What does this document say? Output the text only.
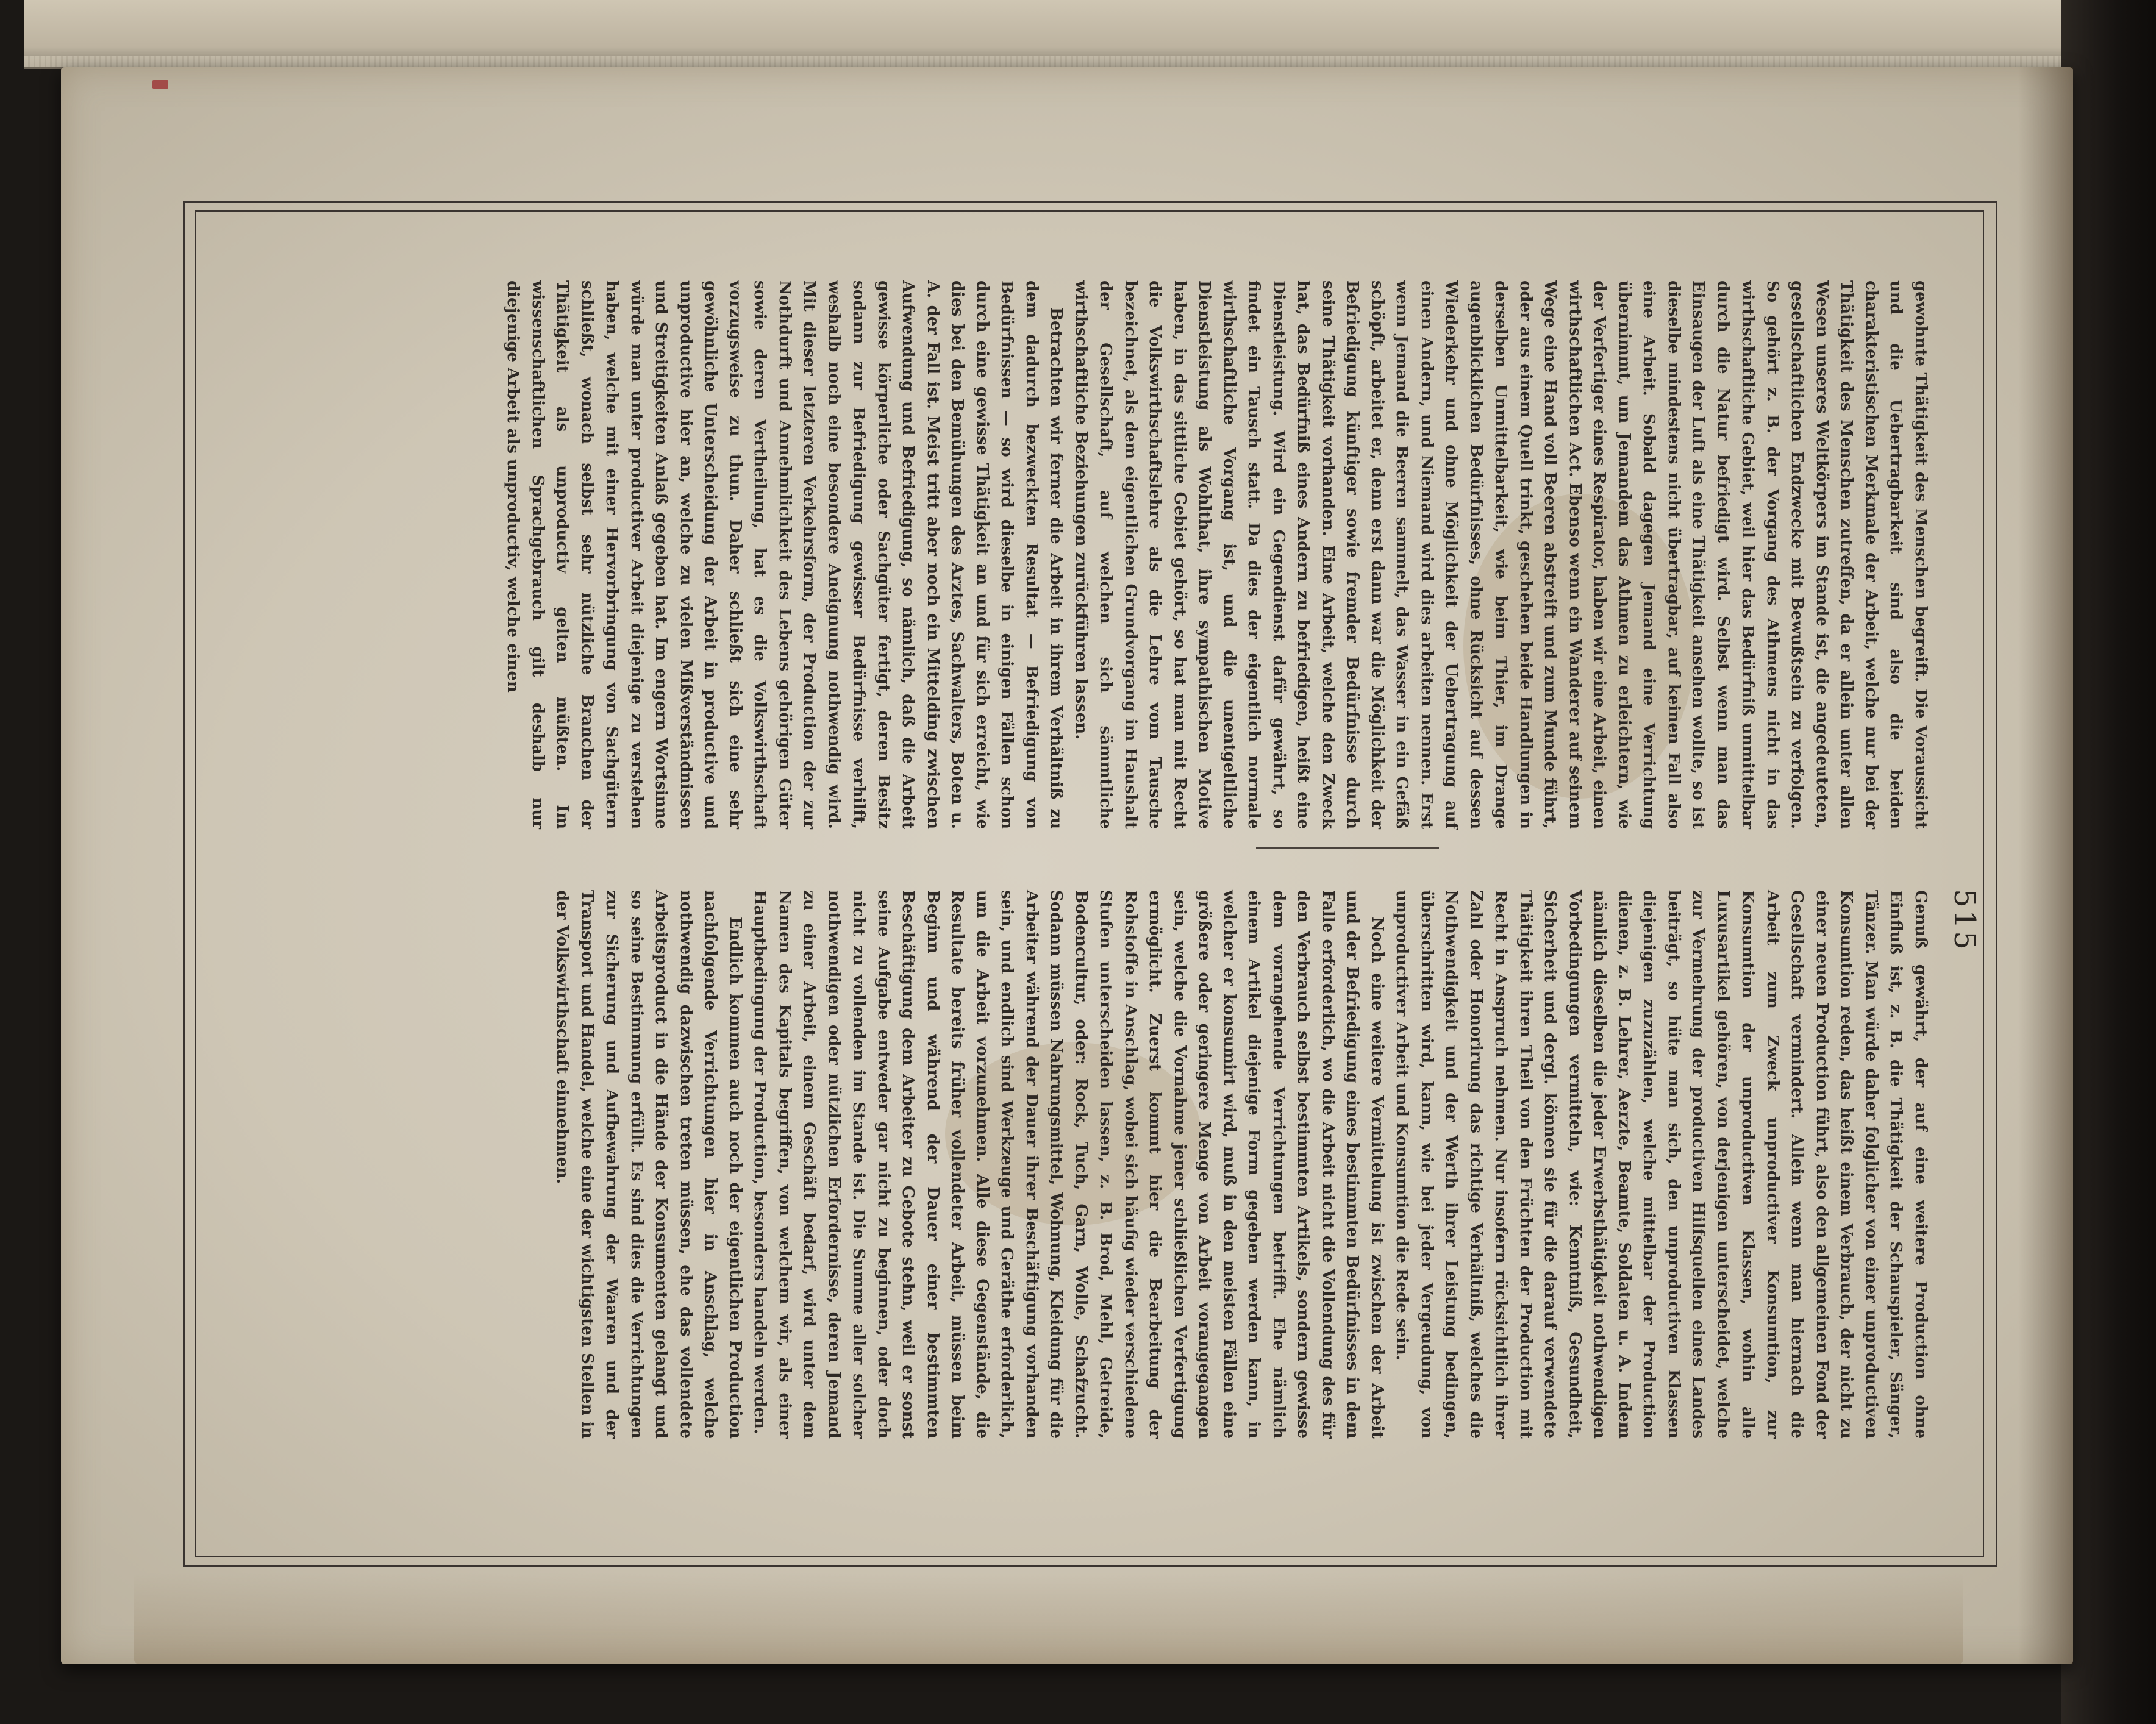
515

gewohnte Thätigkeit des Menschen begreift. Die Voraussicht und die Uebertragbarkeit sind also die beiden charakteristischen Merkmale der Arbeit, welche nur bei der Thätigkeit des Menschen zutreffen, da er allein unter allen Wesen unseres Weltkörpers im Stande ist, die angedeuteten, gesellschaftlichen Endzwecke mit Bewußtsein zu verfolgen. So gehört z. B. der Vorgang des Athmens nicht in das wirthschaftliche Gebiet, weil hier das Bedürfniß unmittelbar durch die Natur befriedigt wird. Selbst wenn man das Einsaugen der Luft als eine Thätigkeit ansehen wollte, so ist dieselbe mindestens nicht übertragbar, auf keinen Fall also eine Arbeit. Sobald dagegen Jemand eine Verrichtung übernimmt, um Jemandem das Athmen zu erleichtern, wie der Verfertiger eines Respirator, haben wir eine Arbeit, einen wirthschaftlichen Act. Ebenso wenn ein Wanderer auf seinem Wege eine Hand voll Beeren abstreift und zum Munde führt, oder aus einem Quell trinkt, geschehen beide Handlungen in derselben Unmittelbarkeit, wie beim Thier, im Drange augenblicklichen Bedürfnisses, ohne Rücksicht auf dessen Wiederkehr und ohne Möglichkeit der Uebertragung auf einen Andern, und Niemand wird dies arbeiten nennen. Erst wenn Jemand die Beeren sammelt, das Wasser in ein Gefäß schöpft, arbeitet er, denn erst dann war die Möglichkeit der Befriedigung künftiger sowie fremder Bedürfnisse durch seine Thätigkeit vorhanden. Eine Arbeit, welche den Zweck hat, das Bedürfniß eines Andern zu befriedigen, heißt eine Dienstleistung. Wird ein Gegendienst dafür gewährt, so findet ein Tausch statt. Da dies der eigentlich normale wirthschaftliche Vorgang ist, und die unentgeltliche Dienstleistung als Wohlthat, ihre sympathischen Motive haben, in das sittliche Gebiet gehört, so hat man mit Recht die Volkswirthschaftslehre als die Lehre vom Tausche bezeichnet, als dem eigentlichen Grundvorgang im Haushalt der Gesellschaft, auf welchen sich sämmtliche wirthschaftliche Beziehungen zurückführen lassen.

Betrachten wir ferner die Arbeit in ihrem Verhältniß zu dem dadurch bezweckten Resultat — Befriedigung von Bedürfnissen — so wird dieselbe in einigen Fällen schon durch eine gewisse Thätigkeit an und für sich erreicht, wie dies bei den Bemühungen des Arztes, Sachwalters, Boten u. A. der Fall ist. Meist tritt aber noch ein Mittelding zwischen Aufwendung und Befriedigung, so nämlich, daß die Arbeit gewisse körperliche oder Sachgüter fertigt, deren Besitz sodann zur Befriedigung gewisser Bedürfnisse verhilft, weshalb noch eine besondere Aneignung nothwendig wird. Mit dieser letzteren Verkehrsform, der Production der zur Nothdurft und Annehmlichkeit des Lebens gehörigen Güter sowie deren Vertheilung, hat es die Volkswirthschaft vorzugsweise zu thun. Daher schließt sich eine sehr gewöhnliche Unterscheidung der Arbeit in productive und unproductive hier an, welche zu vielen Mißverständnissen und Streitigkeiten Anlaß gegeben hat. Im engern Wortsinne würde man unter productiver Arbeit diejenige zu verstehen haben, welche mit einer Hervorbringung von Sachgütern schließt, wonach selbst sehr nützliche Branchen der Thätigkeit als unproductiv gelten müßten. Im wissenschaftlichen Sprachgebrauch gilt deshalb nur diejenige Arbeit als unproductiv, welche einen

Genuß gewährt, der auf eine weitere Production ohne Einfluß ist, z. B. die Thätigkeit der Schauspieler, Sänger, Tänzer. Man würde daher folglicher von einer unproductiven Konsumtion reden, das heißt einem Verbrauch, der nicht zu einer neuen Production führt, also den allgemeinen Fond der Gesellschaft vermindert. Allein wenn man hiernach die Arbeit zum Zweck unproductiver Konsumtion, zur Konsumtion der unproductiven Klassen, wohin alle Luxusartikel gehören, von derjenigen unterscheidet, welche zur Vermehrung der productiven Hilfsquellen eines Landes beiträgt, so hüte man sich, den unproductiven Klassen diejenigen zuzuzählen, welche mittelbar der Production dienen, z. B. Lehrer, Aerzte, Beamte, Soldaten u. A. Indem nämlich dieselben die jeder Erwerbsthätigkeit nothwendigen Vorbedingungen vermitteln, wie: Kenntniß, Gesundheit, Sicherheit und dergl. können sie für die darauf verwendete Thätigkeit ihren Theil von den Früchten der Production mit Recht in Anspruch nehmen. Nur insofern rücksichtlich ihrer Zahl oder Honorirung das richtige Verhältniß, welches die Nothwendigkeit und der Werth ihrer Leistung bedingen, überschritten wird, kann, wie bei jeder Vergeudung, von unproductiver Arbeit und Konsumtion die Rede sein.

Noch eine weitere Vermittelung ist zwischen der Arbeit und der Befriedigung eines bestimmten Bedürfnisses in dem Falle erforderlich, wo die Arbeit nicht die Vollendung des für den Verbrauch selbst bestimmten Artikels, sondern gewisse dem vorangehende Verrichtungen betrifft. Ehe nämlich einem Artikel diejenige Form gegeben werden kann, in welcher er konsumirt wird, muß in den meisten Fällen eine größere oder geringere Menge von Arbeit vorangegangen sein, welche die Vornahme jener schließlichen Verfertigung ermöglicht. Zuerst kommt hier die Bearbeitung der Rohstoffe in Anschlag, wobei sich häufig wieder verschiedene Stufen unterscheiden lassen, z. B. Brod, Mehl, Getreide, Bodencultur, oder: Rock, Tuch, Garn, Wolle, Schafzucht. Sodann müssen Nahrungsmittel, Wohnung, Kleidung für die Arbeiter während der Dauer ihrer Beschäftigung vorhanden sein, und endlich sind Werkzeuge und Geräthe erforderlich, um die Arbeit vorzunehmen. Alle diese Gegenstände, die Resultate bereits früher vollendeter Arbeit, müssen beim Beginn und während der Dauer einer bestimmten Beschäftigung dem Arbeiter zu Gebote stehn, weil er sonst seine Aufgabe entweder gar nicht zu beginnen, oder doch nicht zu vollenden im Stande ist. Die Summe aller solcher nothwendigen oder nützlichen Erfordernisse, deren Jemand zu einer Arbeit, einem Geschäft bedarf, wird unter dem Namen des Kapitals begriffen, von welchem wir, als einer Hauptbedingung der Production, besonders handeln werden.

Endlich kommen auch noch der eigentlichen Production nachfolgende Verrichtungen hier in Anschlag, welche nothwendig dazwischen treten müssen, ehe das vollendete Arbeitsproduct in die Hände der Konsumenten gelangt und so seine Bestimmung erfüllt. Es sind dies die Verrichtungen zur Sicherung und Aufbewahrung der Waaren und der Transport und Handel, welche eine der wichtigsten Stellen in der Volkswirthschaft einnehmen.
